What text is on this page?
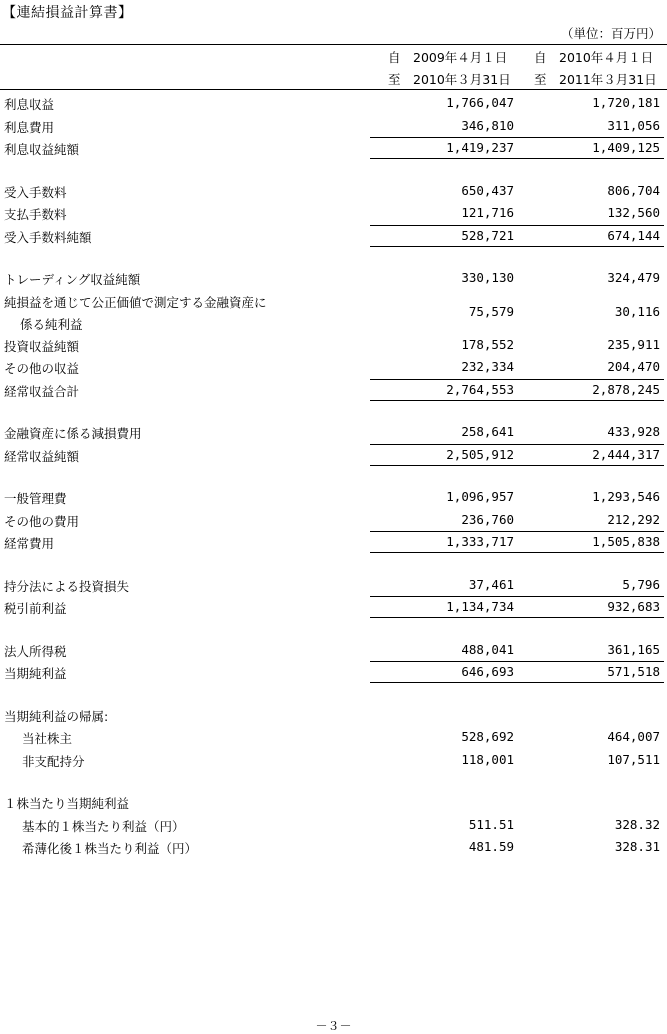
【連結損益計算書】
（単位：百万円）
自　2009年４月１日
至　2010年３月31日
自　2010年４月１日
至　2011年３月31日
利息収益	1,766,047	1,720,181
利息費用	346,810	311,056
利息収益純額	1,419,237	1,409,125
受入手数料	650,437	806,704
支払手数料	121,716	132,560
受入手数料純額	528,721	674,144
トレーディング収益純額	330,130	324,479
純損益を通じて公正価値で測定する金融資産に
係る純利益
75,579	30,116
投資収益純額	178,552	235,911
その他の収益	232,334	204,470
経常収益合計	2,764,553	2,878,245
金融資産に係る減損費用	258,641	433,928
経常収益純額	2,505,912	2,444,317
一般管理費	1,096,957	1,293,546
その他の費用	236,760	212,292
経常費用	1,333,717	1,505,838
持分法による投資損失	37,461	5,796
税引前利益	1,134,734	932,683
法人所得税	488,041	361,165
当期純利益	646,693	571,518
当期純利益の帰属:
当社株主	528,692	464,007
非支配持分	118,001	107,511
１株当たり当期純利益
基本的１株当たり利益（円）	511.51	328.32
希薄化後１株当たり利益（円）	481.59	328.31
－３－
